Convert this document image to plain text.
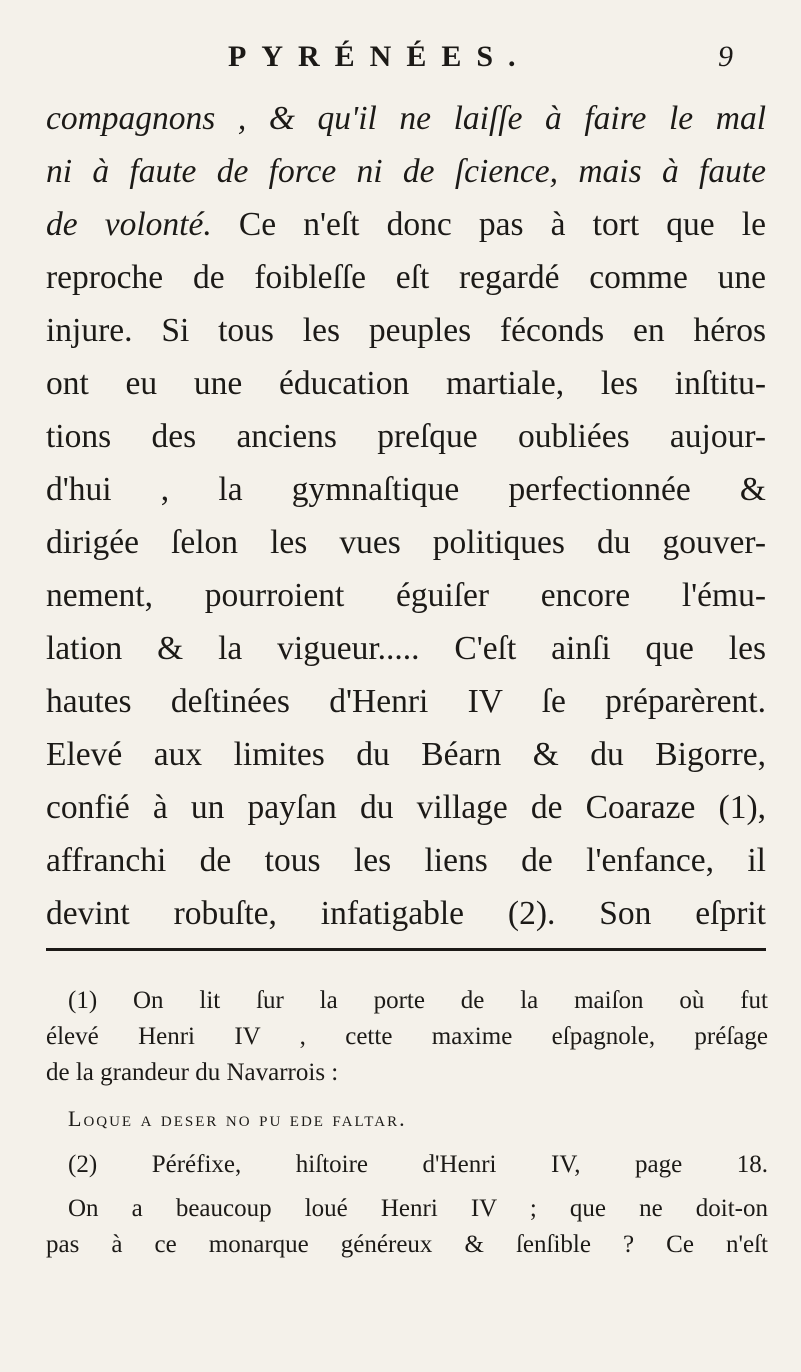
PYRÉNÉES.	9
compagnons , & qu'il ne laiſſe à faire le mal
ni à faute de force ni de ſcience, mais à faute
de volonté. Ce n'eſt donc pas à tort que le
reproche de foibleſſe eſt regardé comme une
injure. Si tous les peuples féconds en héros
ont eu une éducation martiale, les inſtitu-
tions des anciens preſque oubliées aujour-
d'hui , la gymnaſtique perfectionnée &
dirigée ſelon les vues politiques du gouver-
nement, pourroient éguiſer encore l'ému-
lation & la vigueur..... C'eſt ainſi que les
hautes deſtinées d'Henri IV ſe préparèrent.
Elevé aux limites du Béarn & du Bigorre,
confié à un payſan du village de Coaraze (1),
affranchi de tous les liens de l'enfance, il
devint robuſte, infatigable (2). Son eſprit
(1) On lit ſur la porte de la maiſon où fut
élevé Henri IV , cette maxime eſpagnole, préſage
de la grandeur du Navarrois :
Loque a deser no pu ede faltar.
(2) Péréfixe, hiſtoire d'Henri IV, page 18.
On a beaucoup loué Henri IV ; que ne doit-on
pas à ce monarque généreux & ſenſible ? Ce n'eſt
